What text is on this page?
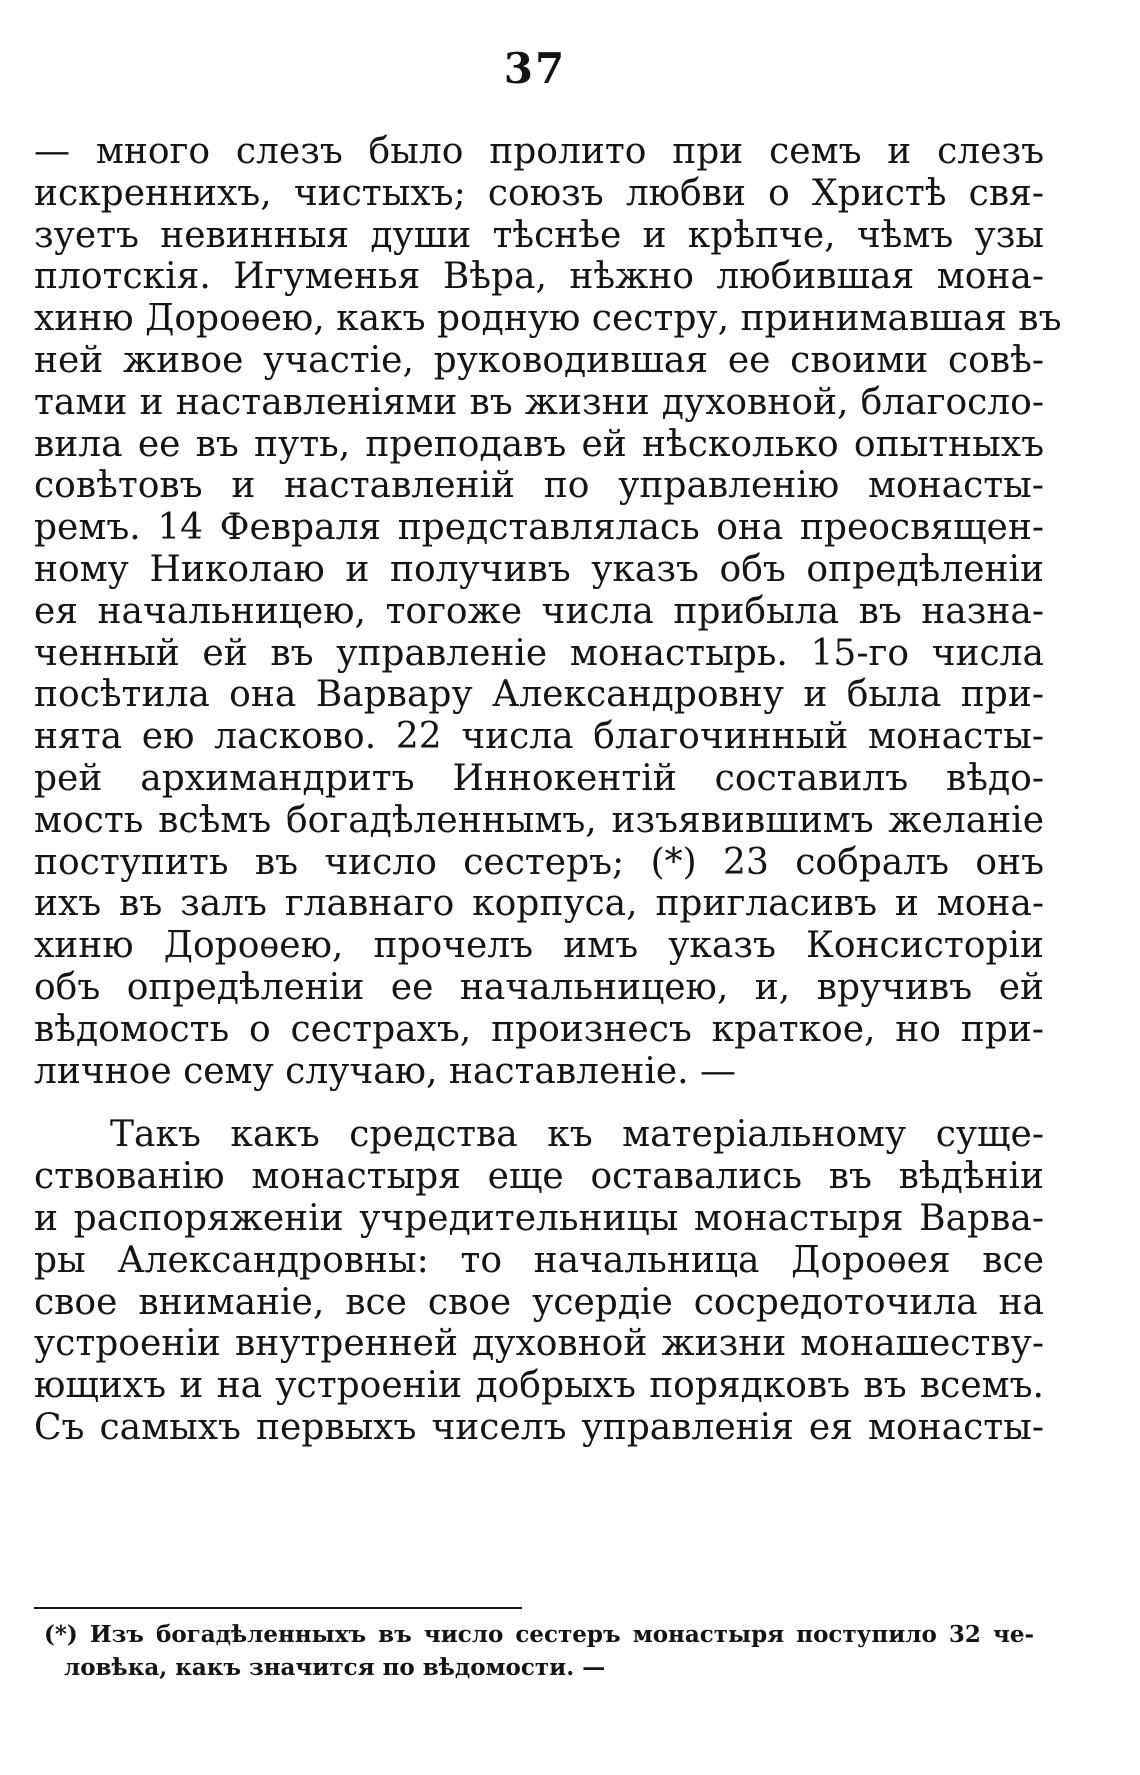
37
— много слезъ было пролито при семъ и слезъ
искреннихъ, чистыхъ; союзъ любви о Христѣ свя-
зуетъ невинныя души тѣснѣе и крѣпче, чѣмъ узы
плотскія. Игуменья Вѣра, нѣжно любившая мона-
хиню Дороѳею, какъ родную сестру, принимавшая въ
ней живое участіе, руководившая ее своими совѣ-
тами и наставленіями въ жизни духовной, благосло-
вила ее въ путь, преподавъ ей нѣсколько опытныхъ
совѣтовъ и наставленій по управленію монасты-
ремъ. 14 Февраля представлялась она преосвящен-
ному Николаю и получивъ указъ объ опредѣленіи
ея начальницею, тогоже числа прибыла въ назна-
ченный ей въ управленіе монастырь. 15-го числа
посѣтила она Варвару Александровну и была при-
нята ею ласково. 22 числа благочинный монасты-
рей архимандритъ Иннокентій составилъ вѣдо-
мость всѣмъ богадѣленнымъ, изъявившимъ желаніе
поступить въ число сестеръ; (*) 23 собралъ онъ
ихъ въ залъ главнаго корпуса, пригласивъ и мона-
хиню Дороѳею, прочелъ имъ указъ Консисторіи
объ опредѣленіи ее начальницею, и, вручивъ ей
вѣдомость о сестрахъ, произнесъ краткое, но при-
личное сему случаю, наставленіе. —
Такъ какъ средства къ матеріальному суще-
ствованію монастыря еще оставались въ вѣдѣніи
и распоряженіи учредительницы монастыря Варва-
ры Александровны: то начальница Дороѳея все
свое вниманіе, все свое усердіе сосредоточила на
устроеніи внутренней духовной жизни монашеству-
ющихъ и на устроеніи добрыхъ порядковъ въ всемъ.
Съ самыхъ первыхъ чиселъ управленія ея монасты-
(*) Изъ богадѣленныхъ въ число сестеръ монастыря поступило 32 че-
ловѣка, какъ значится по вѣдомости. —
